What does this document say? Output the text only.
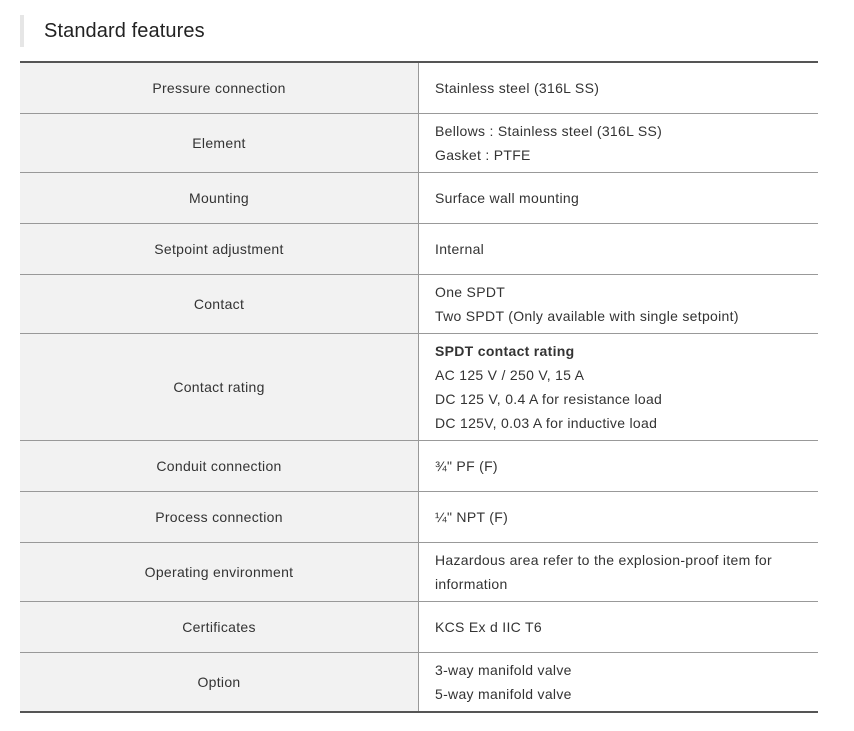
Standard features
Pressure connection	Stainless steel (316L SS)

Element	Bellows : Stainless steel (316L SS)
Gasket : PTFE

Mounting	Surface wall mounting

Setpoint adjustment	Internal

Contact	One SPDT
Two SPDT (Only available with single setpoint)

Contact rating	SPDT contact rating
AC 125 V / 250 V, 15 A
DC 125 V, 0.4 A for resistance load
DC 125V, 0.03 A for inductive load

Conduit connection	¾" PF (F)

Process connection	¼" NPT (F)

Operating environment	Hazardous area refer to the explosion-proof item for
information

Certificates	KCS Ex d IIC T6

Option	3-way manifold valve
5-way manifold valve
